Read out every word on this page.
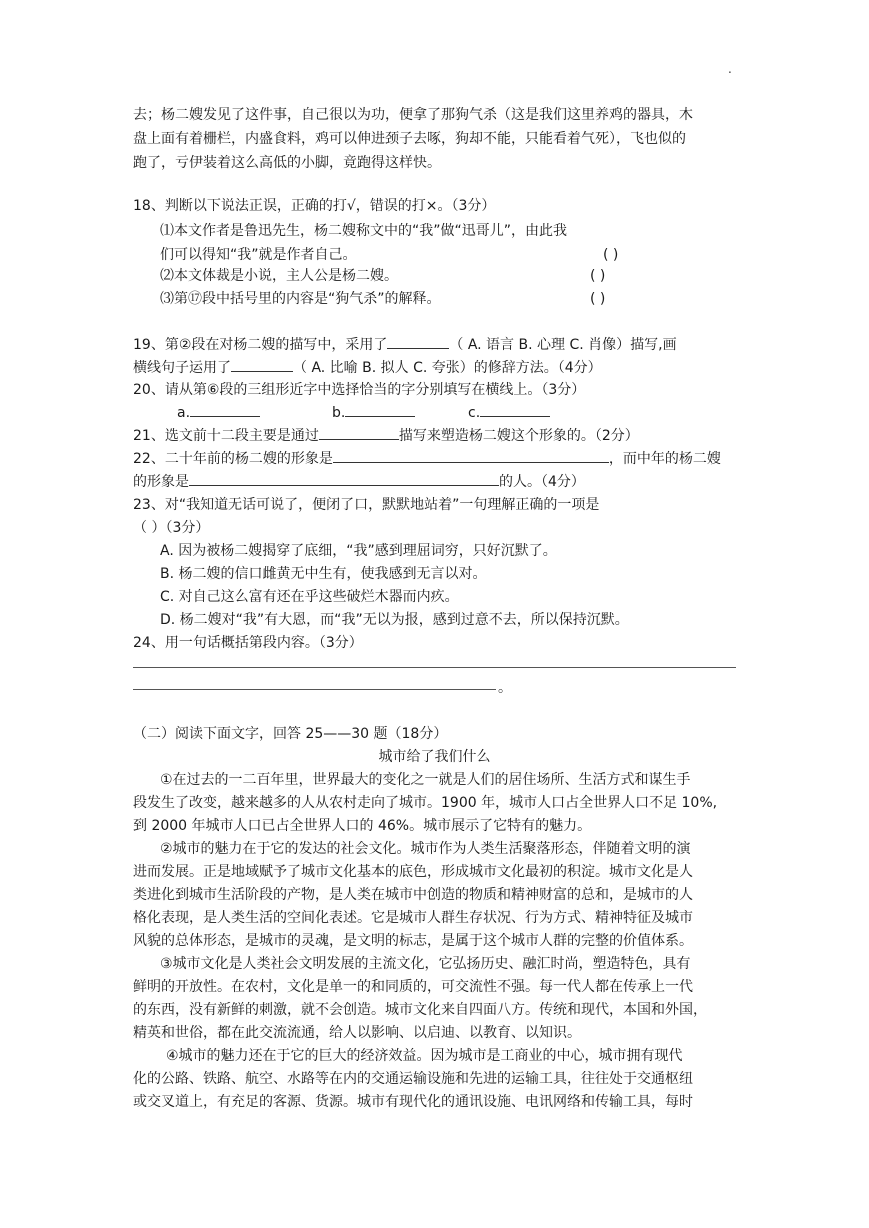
.
去；杨二嫂发见了这件事，自己很以为功，便拿了那狗气杀（这是我们这里养鸡的器具，木
盘上面有着栅栏，内盛食料，鸡可以伸进颈子去啄，狗却不能，只能看着气死），飞也似的
跑了，亏伊装着这么高低的小脚，竟跑得这样快。
18、判断以下说法正误，正确的打√，错误的打×。（3分）
⑴本文作者是鲁迅先生，杨二嫂称文中的“我”做“迅哥儿”，由此我
们可以得知“我”就是作者自己。	( )
⑵本文体裁是小说，主人公是杨二嫂。	( )
⑶第⑰段中括号里的内容是“狗气杀”的解释。	( )
19、第②段在对杨二嫂的描写中，采用了	（ A. 语言 B. 心理 C. 肖像）描写,画
横线句子运用了	（ A. 比喻 B. 拟人 C. 夸张）的修辞方法。（4分）
20、请从第⑥段的三组形近字中选择恰当的字分别填写在横线上。（3分）
a.	b.	c.
21、选文前十二段主要是通过	描写来塑造杨二嫂这个形象的。（2分）
22、二十年前的杨二嫂的形象是	，而中年的杨二嫂
的形象是	的人。（4分）
23、对“我知道无话可说了，便闭了口，默默地站着”一句理解正确的一项是
（ ）（3分）
A. 因为被杨二嫂揭穿了底细，“我”感到理屈词穷，只好沉默了。
B. 杨二嫂的信口雌黄无中生有，使我感到无言以对。
C. 对自己这么富有还在乎这些破烂木器而内疚。
D. 杨二嫂对“我”有大恩，而“我”无以为报，感到过意不去，所以保持沉默。
24、用一句话概括第段内容。（3分）
。
（二）阅读下面文字，回答 25——30 题（18分）
城市给了我们什么
①在过去的一二百年里，世界最大的变化之一就是人们的居住场所、生活方式和谋生手
段发生了改变，越来越多的人从农村走向了城市。1900 年，城市人口占全世界人口不足 10%,
到 2000 年城市人口已占全世界人口的 46%。城市展示了它特有的魅力。
②城市的魅力在于它的发达的社会文化。城市作为人类生活聚落形态，伴随着文明的演
进而发展。正是地域赋予了城市文化基本的底色，形成城市文化最初的积淀。城市文化是人
类进化到城市生活阶段的产物，是人类在城市中创造的物质和精神财富的总和，是城市的人
格化表现，是人类生活的空间化表述。它是城市人群生存状况、行为方式、精神特征及城市
风貌的总体形态，是城市的灵魂，是文明的标志，是属于这个城市人群的完整的价值体系。
③城市文化是人类社会文明发展的主流文化，它弘扬历史、融汇时尚，塑造特色，具有
鲜明的开放性。在农村，文化是单一的和同质的，可交流性不强。每一代人都在传承上一代
的东西，没有新鲜的刺激，就不会创造。城市文化来自四面八方。传统和现代，本国和外国，
精英和世俗，都在此交流流通，给人以影响、以启迪、以教育、以知识。
④城市的魅力还在于它的巨大的经济效益。因为城市是工商业的中心，城市拥有现代
化的公路、铁路、航空、水路等在内的交通运输设施和先进的运输工具，往往处于交通枢纽
或交叉道上，有充足的客源、货源。城市有现代化的通讯设施、电讯网络和传输工具，每时
